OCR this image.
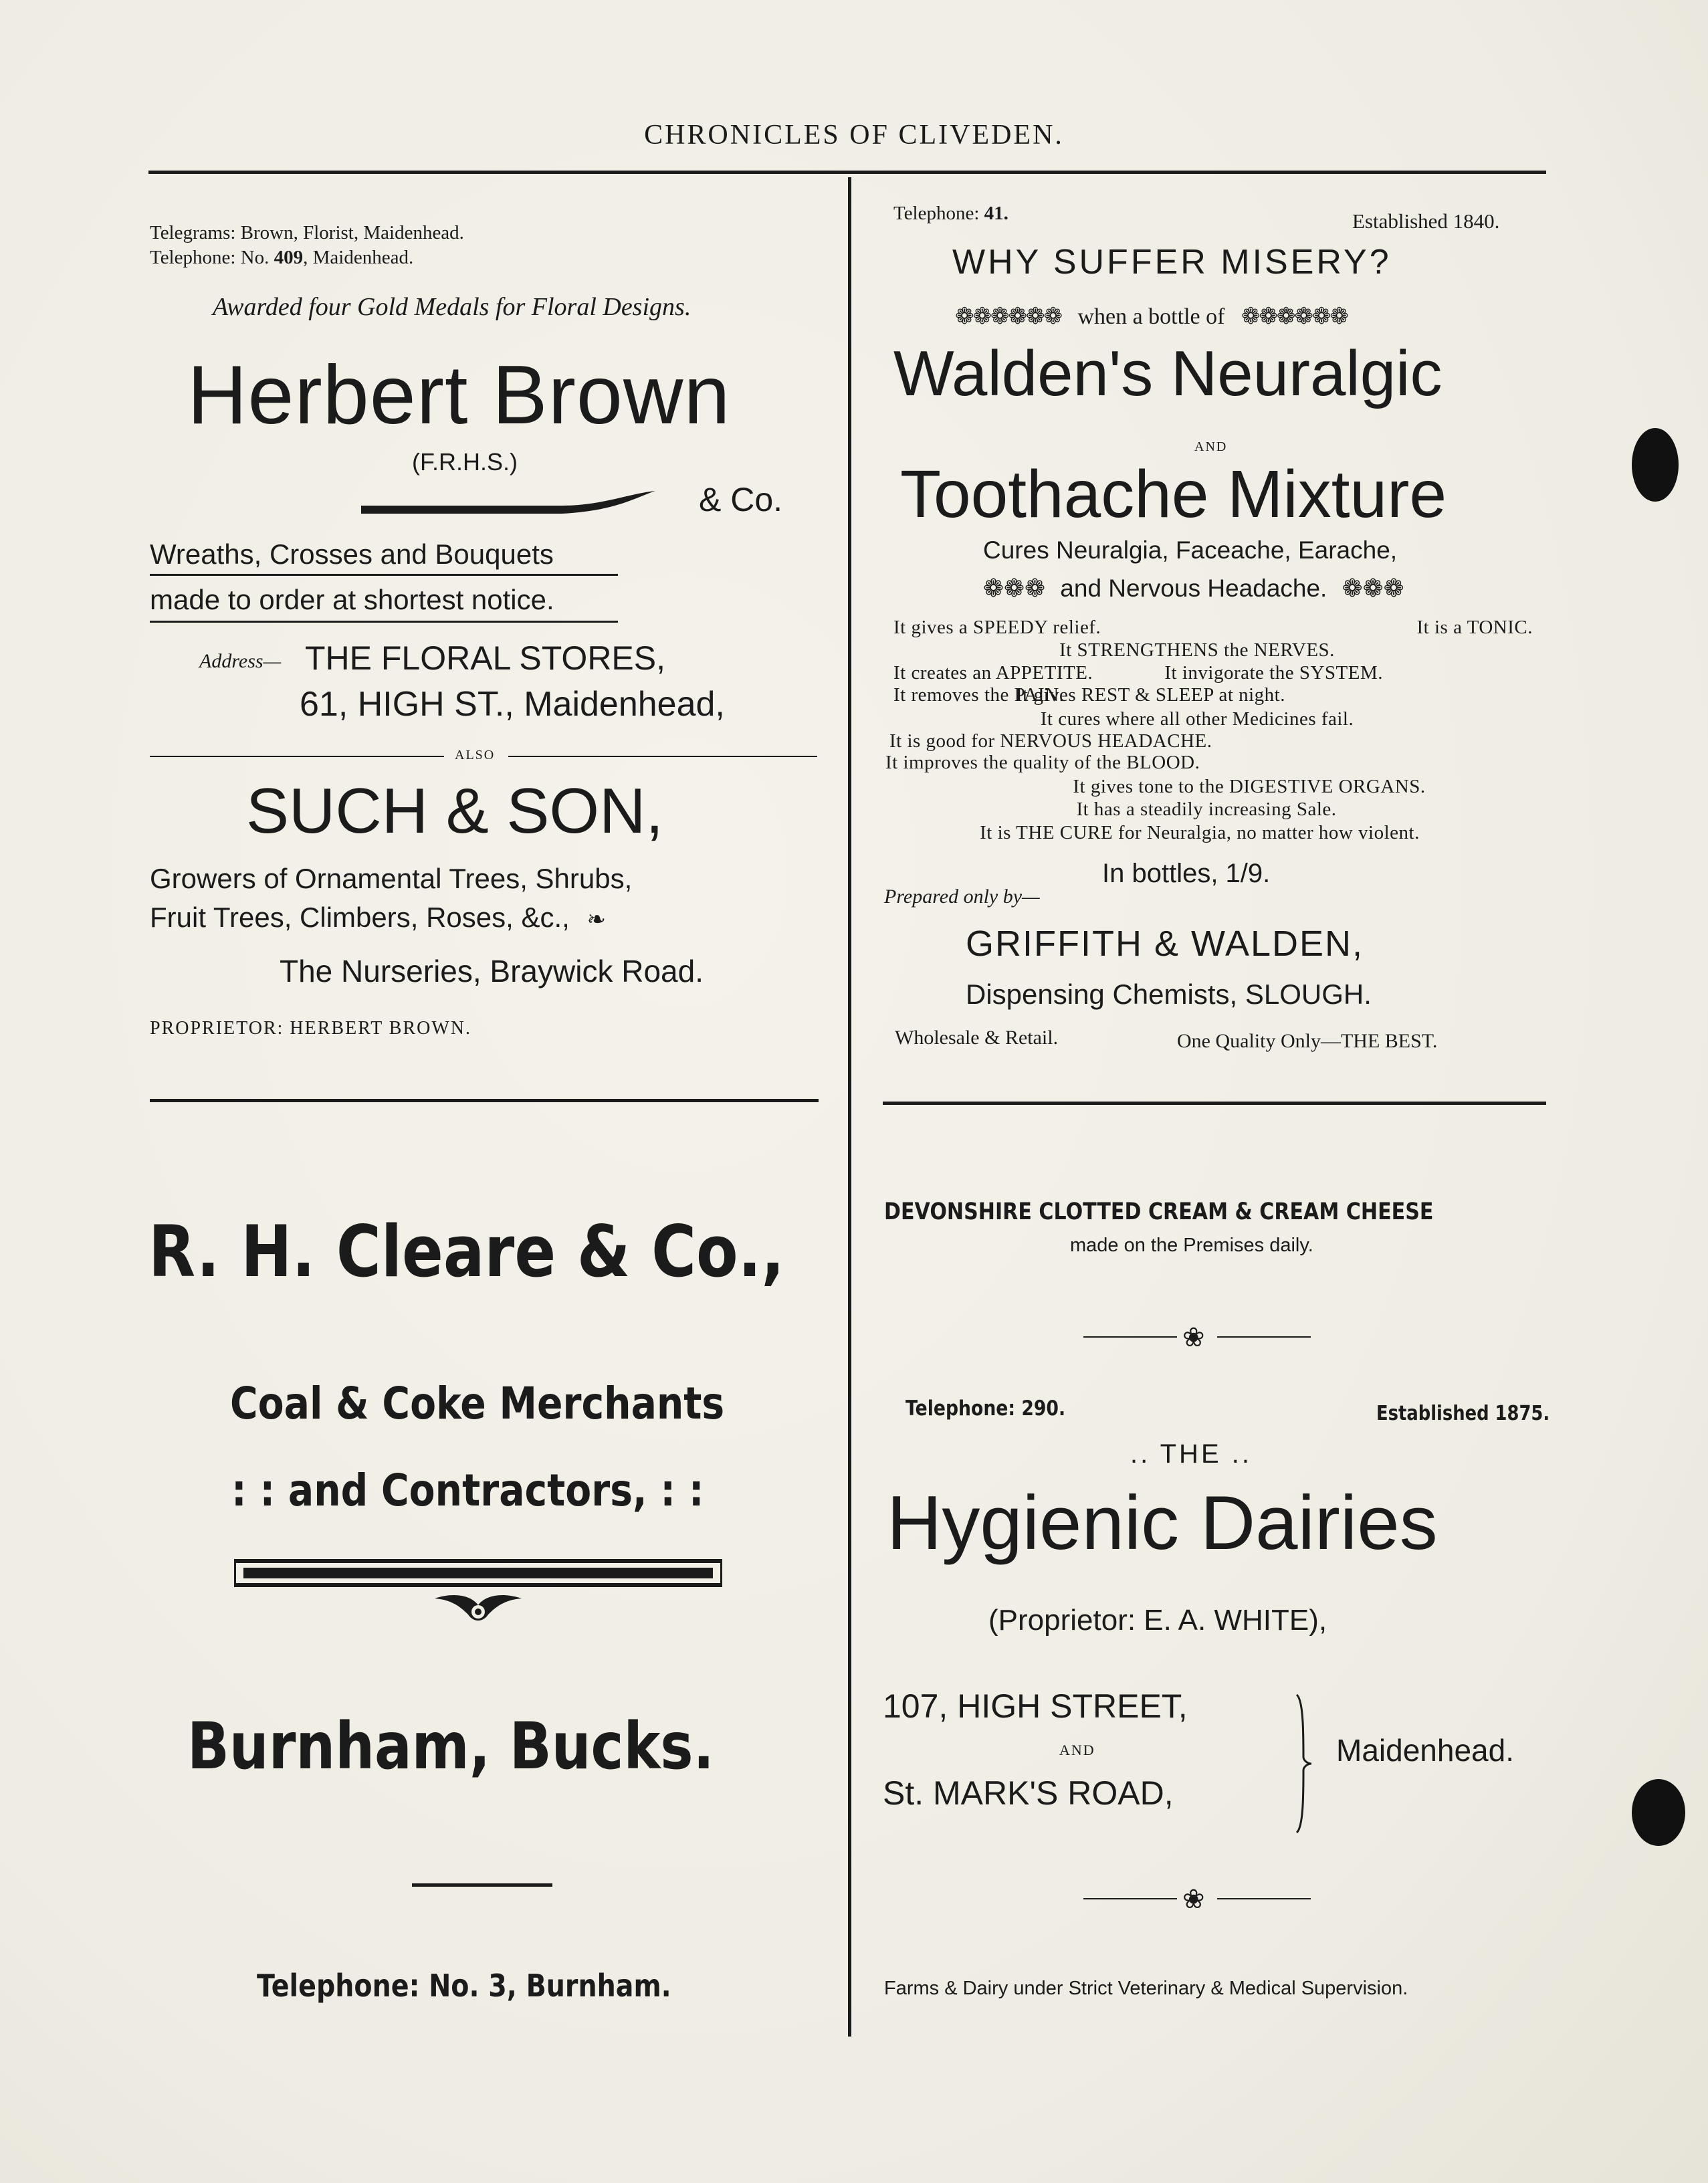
CHRONICLES OF CLIVEDEN.
Telegrams: Brown, Florist, Maidenhead.
Telephone: No. 409, Maidenhead.
Awarded four Gold Medals for Floral Designs.
Herbert Brown
(F.R.H.S.)
& Co.
Wreaths, Crosses and Bouquets
made to order at shortest notice.
Address— THE FLORAL STORES,
61, HIGH ST., Maidenhead,
ALSO
SUCH & SON,
Growers of Ornamental Trees, Shrubs,
Fruit Trees, Climbers, Roses, &c., ❧
The Nurseries, Braywick Road.
PROPRIETOR: HERBERT BROWN.
Telephone: 41.	Established 1840.
WHY SUFFER MISERY?
❁❁❁❁❁❁ when a bottle of ❁❁❁❁❁❁
Walden's Neuralgic
AND
Toothache Mixture
Cures Neuralgia, Faceache, Earache,
❁❁❁ and Nervous Headache. ❁❁❁
It gives a SPEEDY relief.	It is a TONIC.
It STRENGTHENS the NERVES.
It creates an APPETITE.	It invigorate the SYSTEM.
It removes the PAIN.
It gives REST & SLEEP at night.
It cures where all other Medicines fail.
It is good for NERVOUS HEADACHE.
It improves the quality of the BLOOD.
It gives tone to the DIGESTIVE ORGANS.
It has a steadily increasing Sale.
It is THE CURE for Neuralgia, no matter how violent.
In bottles, 1/9.
Prepared only by—
GRIFFITH & WALDEN,
Dispensing Chemists, SLOUGH.
Wholesale & Retail.	One Quality Only—THE BEST.
R. H. Cleare & Co.,
Coal & Coke Merchants
: : and Contractors, : :
Burnham, Bucks.
Telephone: No. 3, Burnham.
DEVONSHIRE CLOTTED CREAM & CREAM CHEESE
made on the Premises daily.
❀
Telephone: 290.	Established 1875.
.. THE ..
Hygienic Dairies
(Proprietor: E. A. WHITE),
107, HIGH STREET,
AND
St. MARK'S ROAD,
Maidenhead.
❀
Farms & Dairy under Strict Veterinary & Medical Supervision.
